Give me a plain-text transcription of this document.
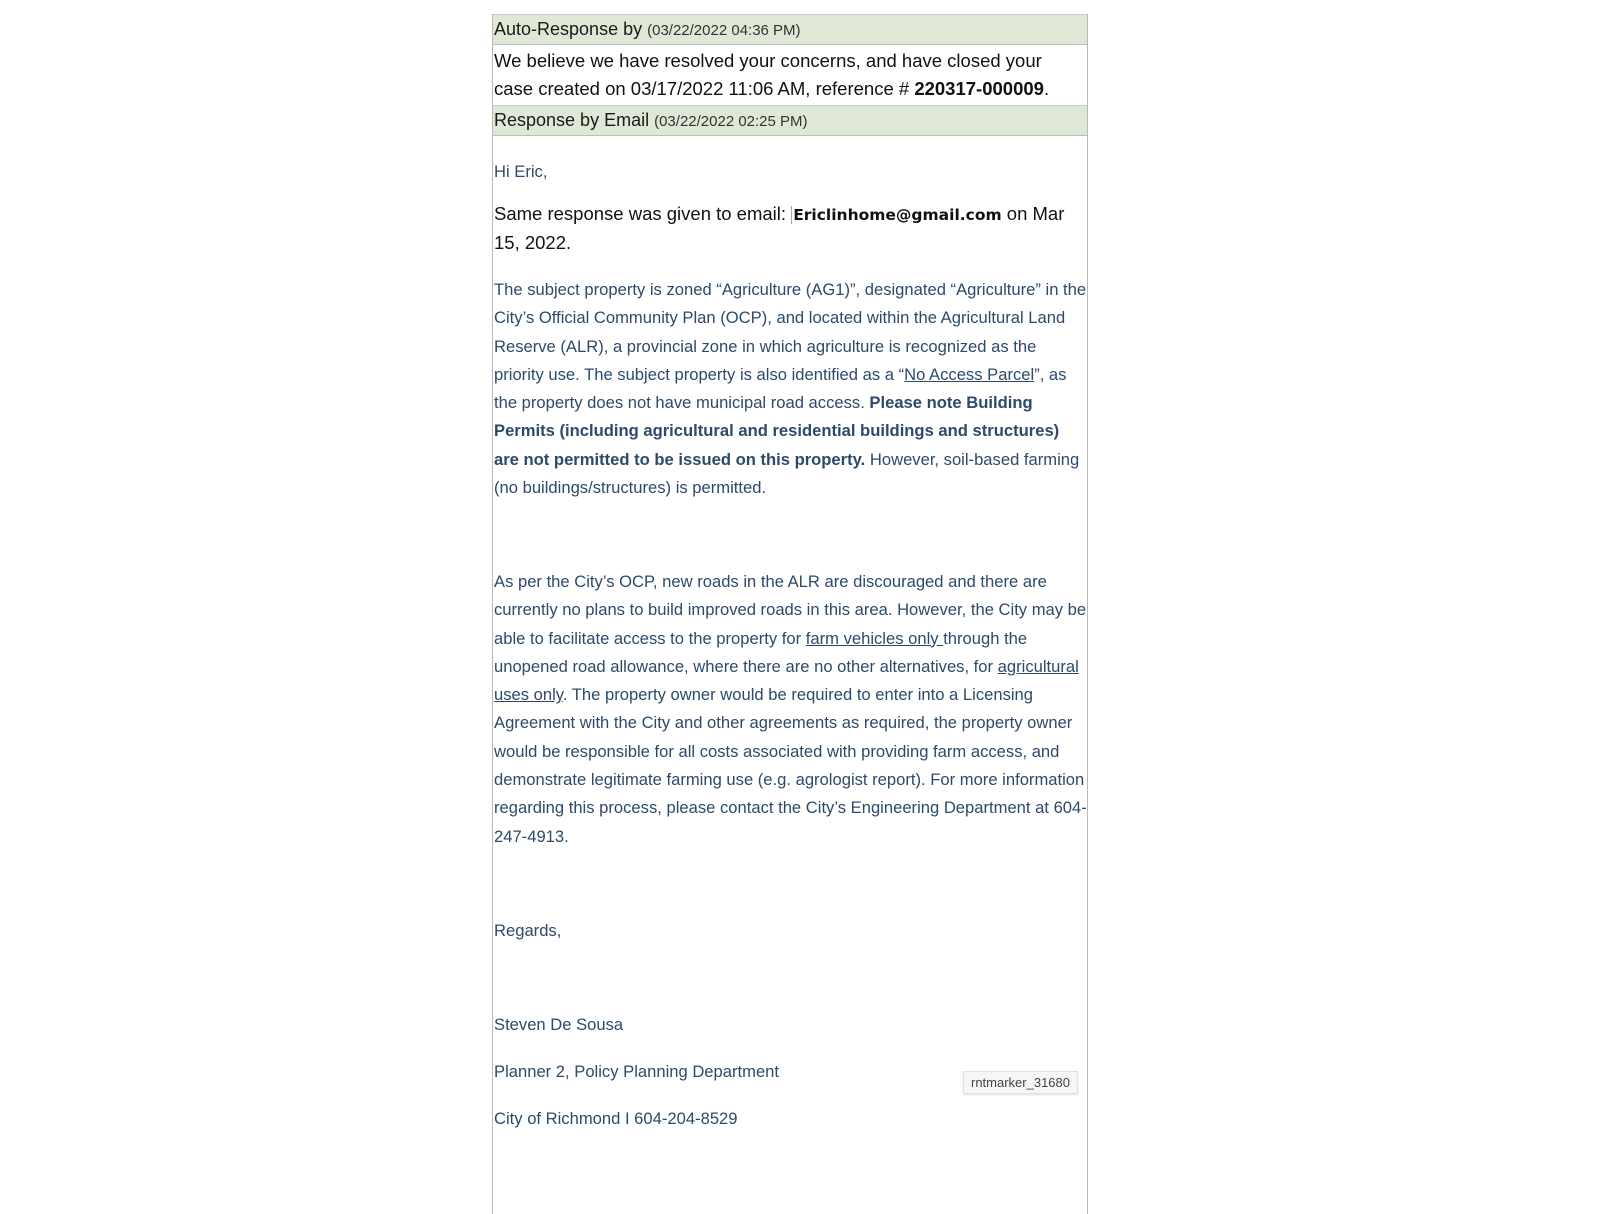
Auto-Response by (03/22/2022 04:36 PM)
We believe we have resolved your concerns, and have closed your case created on 03/17/2022 11:06 AM, reference # 220317-000009.
Response by Email (03/22/2022 02:25 PM)

Hi Eric,

Same response was given to email: Ericlinhome@gmail.com on Mar 15, 2022.

The subject property is zoned “Agriculture (AG1)”, designated “Agriculture” in the City’s Official Community Plan (OCP), and located within the Agricultural Land Reserve (ALR), a provincial zone in which agriculture is recognized as the priority use. The subject property is also identified as a “No Access Parcel”, as the property does not have municipal road access. Please note Building Permits (including agricultural and residential buildings and structures) are not permitted to be issued on this property. However, soil-based farming (no buildings/structures) is permitted.

As per the City’s OCP, new roads in the ALR are discouraged and there are currently no plans to build improved roads in this area. However, the City may be able to facilitate access to the property for farm vehicles only through the unopened road allowance, where there are no other alternatives, for agricultural uses only. The property owner would be required to enter into a Licensing Agreement with the City and other agreements as required, the property owner would be responsible for all costs associated with providing farm access, and demonstrate legitimate farming use (e.g. agrologist report). For more information regarding this process, please contact the City’s Engineering Department at 604-247-4913.

Regards,

Steven De Sousa

Planner 2, Policy Planning Department

City of Richmond I 604-204-8529

rntmarker_31680
